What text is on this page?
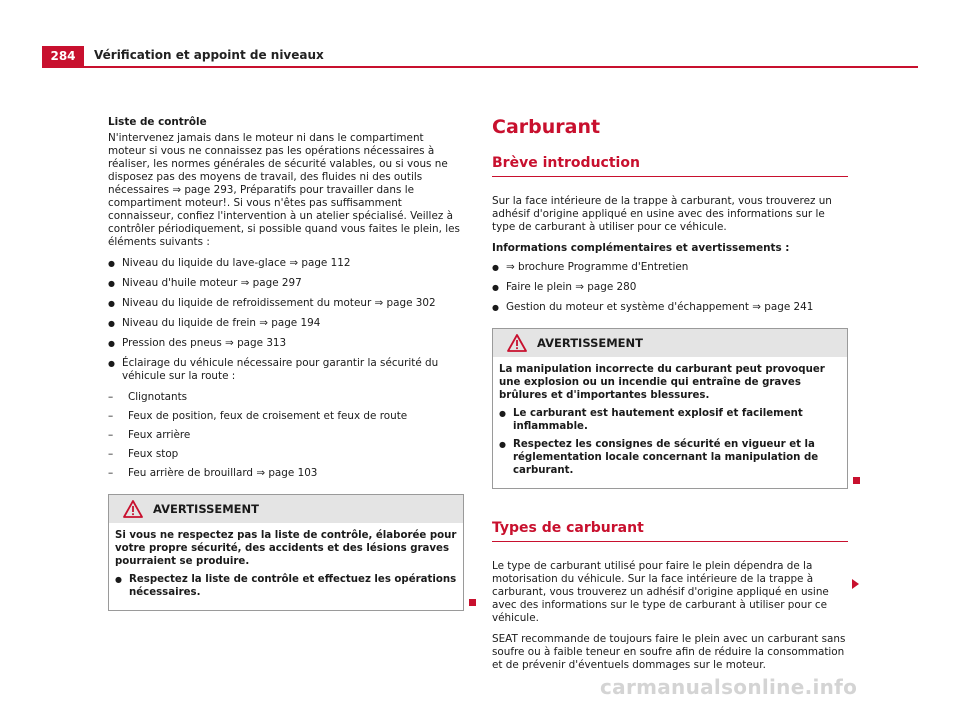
284 Vérification et appoint de niveaux
Liste de contrôle

N'intervenez jamais dans le moteur ni dans le compartiment moteur si vous ne connaissez pas les opérations nécessaires à réaliser, les normes générales de sécurité valables, ou si vous ne disposez pas des moyens de travail, des fluides ni des outils nécessaires ⇒ page 293, Préparatifs pour travailler dans le compartiment moteur!. Si vous n'êtes pas suffisamment connaisseur, confiez l'intervention à un atelier spécialisé. Veillez à contrôler périodiquement, si possible quand vous faites le plein, les éléments suivants :

● Niveau du liquide du lave-glace ⇒ page 112
● Niveau d'huile moteur ⇒ page 297
● Niveau du liquide de refroidissement du moteur ⇒ page 302
● Niveau du liquide de frein ⇒ page 194
● Pression des pneus ⇒ page 313
● Éclairage du véhicule nécessaire pour garantir la sécurité du véhicule sur la route :
– Clignotants
– Feux de position, feux de croisement et feux de route
– Feux arrière
– Feux stop
– Feu arrière de brouillard ⇒ page 103
AVERTISSEMENT

Si vous ne respectez pas la liste de contrôle, élaborée pour votre propre sécurité, des accidents et des lésions graves pourraient se produire.

● Respectez la liste de contrôle et effectuez les opérations nécessaires.
Carburant
Brève introduction

Sur la face intérieure de la trappe à carburant, vous trouverez un adhésif d'origine appliqué en usine avec des informations sur le type de carburant à utiliser pour ce véhicule.

Informations complémentaires et avertissements :
● ⇒ brochure Programme d'Entretien
● Faire le plein ⇒ page 280
● Gestion du moteur et système d'échappement ⇒ page 241
AVERTISSEMENT

La manipulation incorrecte du carburant peut provoquer une explosion ou un incendie qui entraîne de graves brûlures et d'importantes blessures.

● Le carburant est hautement explosif et facilement inflammable.
● Respectez les consignes de sécurité en vigueur et la réglementation locale concernant la manipulation de carburant.
Types de carburant

Le type de carburant utilisé pour faire le plein dépendra de la motorisation du véhicule. Sur la face intérieure de la trappe à carburant, vous trouverez un adhésif d'origine appliqué en usine avec des informations sur le type de carburant à utiliser pour ce véhicule.

SEAT recommande de toujours faire le plein avec un carburant sans soufre ou à faible teneur en soufre afin de réduire la consommation et de prévenir d'éventuels dommages sur le moteur.

carmanualsonline.info
